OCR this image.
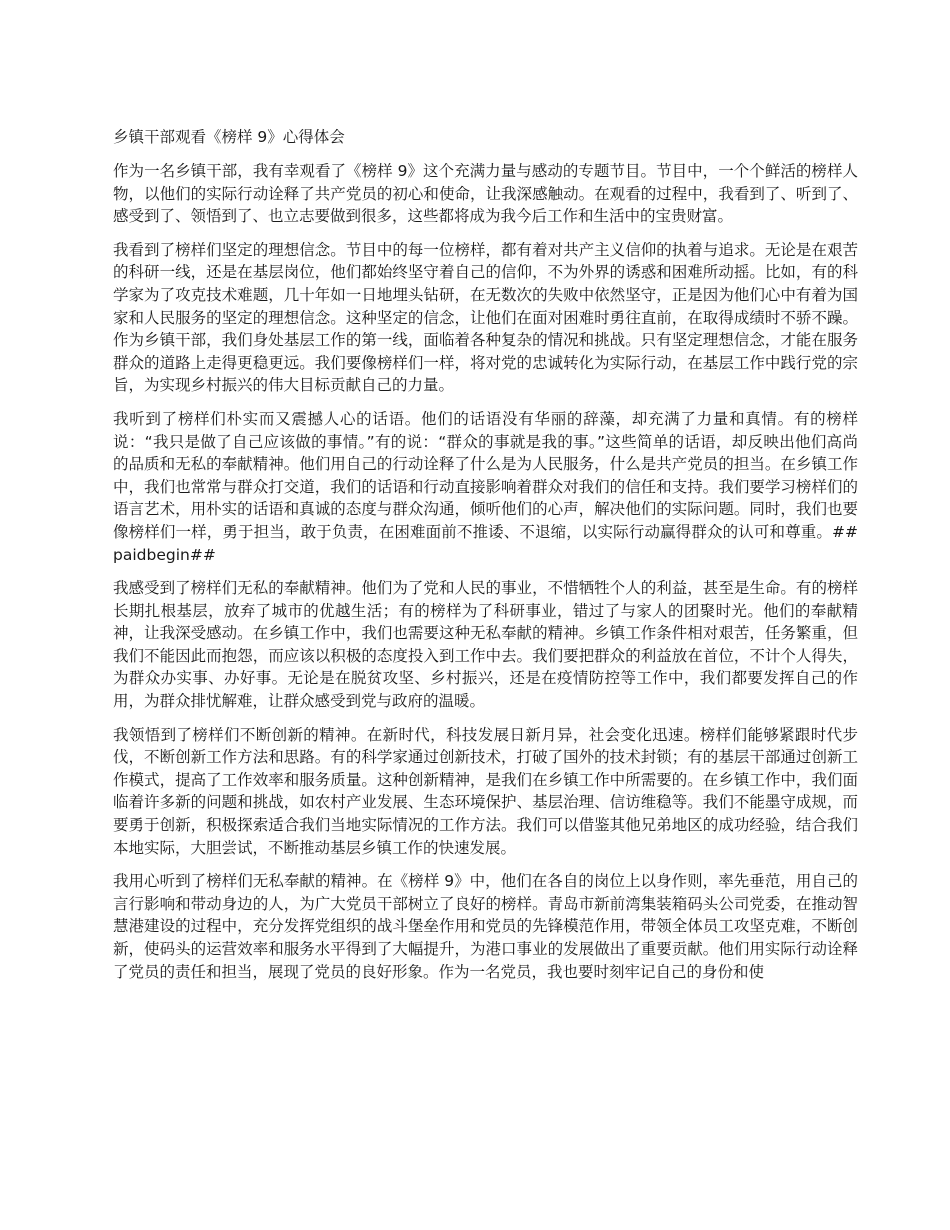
乡镇干部观看《榜样 9》心得体会
作为一名乡镇干部，我有幸观看了《榜样 9》这个充满力量与感动的专题节目。节目中，一个个鲜活的榜样人物，以他们的实际行动诠释了共产党员的初心和使命，让我深感触动。在观看的过程中，我看到了、听到了、感受到了、领悟到了、也立志要做到很多，这些都将成为我今后工作和生活中的宝贵财富。
我看到了榜样们坚定的理想信念。节目中的每一位榜样，都有着对共产主义信仰的执着与追求。无论是在艰苦的科研一线，还是在基层岗位，他们都始终坚守着自己的信仰，不为外界的诱惑和困难所动摇。比如，有的科学家为了攻克技术难题，几十年如一日地埋头钻研，在无数次的失败中依然坚守，正是因为他们心中有着为国家和人民服务的坚定的理想信念。这种坚定的信念，让他们在面对困难时勇往直前，在取得成绩时不骄不躁。作为乡镇干部，我们身处基层工作的第一线，面临着各种复杂的情况和挑战。只有坚定理想信念，才能在服务群众的道路上走得更稳更远。我们要像榜样们一样，将对党的忠诚转化为实际行动，在基层工作中践行党的宗旨，为实现乡村振兴的伟大目标贡献自己的力量。
我听到了榜样们朴实而又震撼人心的话语。他们的话语没有华丽的辞藻，却充满了力量和真情。有的榜样说：“我只是做了自己应该做的事情。”有的说：“群众的事就是我的事。”这些简单的话语，却反映出他们高尚的品质和无私的奉献精神。他们用自己的行动诠释了什么是为人民服务，什么是共产党员的担当。在乡镇工作中，我们也常常与群众打交道，我们的话语和行动直接影响着群众对我们的信任和支持。我们要学习榜样们的语言艺术，用朴实的话语和真诚的态度与群众沟通，倾听他们的心声，解决他们的实际问题。同时，我们也要像榜样们一样，勇于担当，敢于负责，在困难面前不推诿、不退缩，以实际行动赢得群众的认可和尊重。##paidbegin##
我感受到了榜样们无私的奉献精神。他们为了党和人民的事业，不惜牺牲个人的利益，甚至是生命。有的榜样长期扎根基层，放弃了城市的优越生活；有的榜样为了科研事业，错过了与家人的团聚时光。他们的奉献精神，让我深受感动。在乡镇工作中，我们也需要这种无私奉献的精神。乡镇工作条件相对艰苦，任务繁重，但我们不能因此而抱怨，而应该以积极的态度投入到工作中去。我们要把群众的利益放在首位，不计个人得失，为群众办实事、办好事。无论是在脱贫攻坚、乡村振兴，还是在疫情防控等工作中，我们都要发挥自己的作用，为群众排忧解难，让群众感受到党与政府的温暖。
我领悟到了榜样们不断创新的精神。在新时代，科技发展日新月异，社会变化迅速。榜样们能够紧跟时代步伐，不断创新工作方法和思路。有的科学家通过创新技术，打破了国外的技术封锁；有的基层干部通过创新工作模式，提高了工作效率和服务质量。这种创新精神，是我们在乡镇工作中所需要的。在乡镇工作中，我们面临着许多新的问题和挑战，如农村产业发展、生态环境保护、基层治理、信访维稳等。我们不能墨守成规，而要勇于创新，积极探索适合我们当地实际情况的工作方法。我们可以借鉴其他兄弟地区的成功经验，结合我们本地实际，大胆尝试，不断推动基层乡镇工作的快速发展。
我用心听到了榜样们无私奉献的精神。在《榜样 9》中，他们在各自的岗位上以身作则，率先垂范，用自己的言行影响和带动身边的人，为广大党员干部树立了良好的榜样。青岛市新前湾集装箱码头公司党委，在推动智慧港建设的过程中，充分发挥党组织的战斗堡垒作用和党员的先锋模范作用，带领全体员工攻坚克难，不断创新，使码头的运营效率和服务水平得到了大幅提升，为港口事业的发展做出了重要贡献。他们用实际行动诠释了党员的责任和担当，展现了党员的良好形象。作为一名党员，我也要时刻牢记自己的身份和使
